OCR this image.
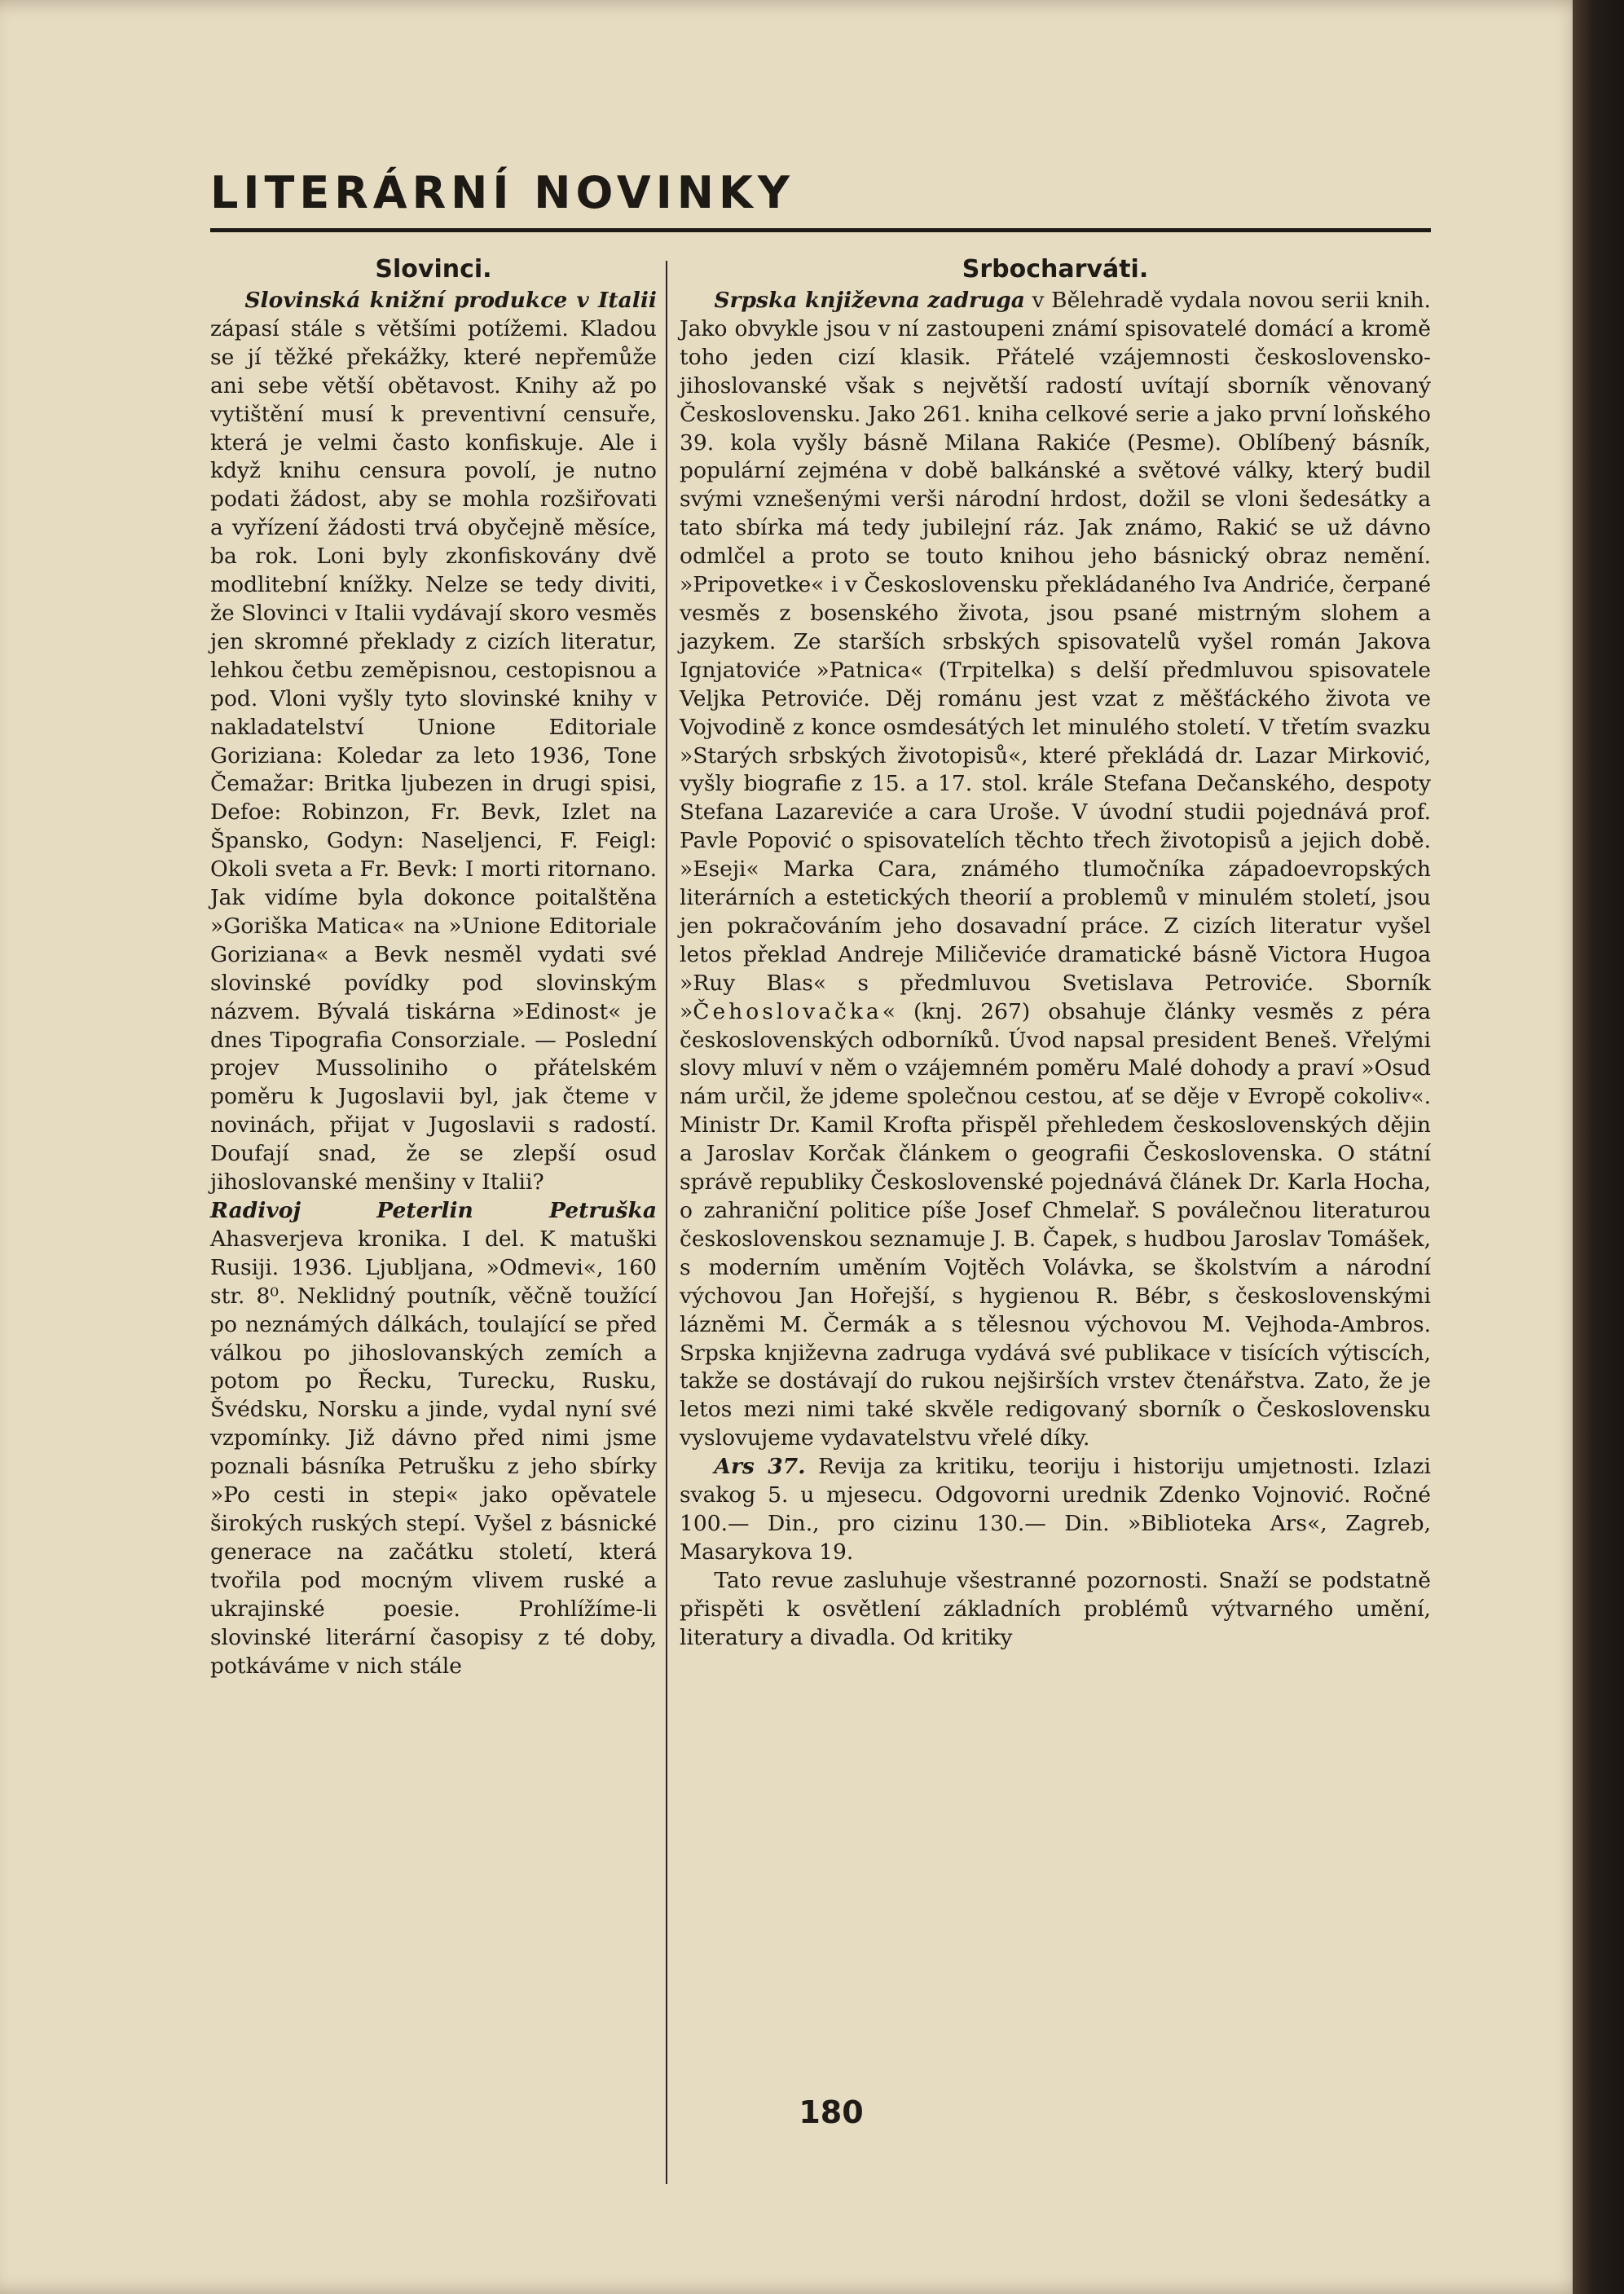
LITERÁRNÍ NOVINKY
Slovinci.

Slovinská knižní produkce v Italii zápasí stále s většími potížemi. Kladou se jí těžké překážky, které nepřemůže ani sebe větší obětavost. Knihy až po vytištění musí k preventivní censuře, která je velmi často konfiskuje. Ale i když knihu censura povolí, je nutno podati žádost, aby se mohla rozšiřovati a vyřízení žádosti trvá obyčejně měsíce, ba rok. Loni byly zkonfiskovány dvě modlitební knížky. Nelze se tedy diviti, že Slovinci v Italii vydávají skoro vesměs jen skromné překlady z cizích literatur, lehkou četbu zeměpisnou, cestopisnou a pod. Vloni vyšly tyto slovinské knihy v nakladatelství Unione Editoriale Goriziana: Koledar za leto 1936, Tone Čemažar: Britka ljubezen in drugi spisi, Defoe: Robinzon, Fr. Bevk, Izlet na Špansko, Godyn: Naseljenci, F. Feigl: Okoli sveta a Fr. Bevk: I morti ritornano. Jak vidíme byla dokonce poitalštěna »Goriška Matica« na »Unione Editoriale Goriziana« a Bevk nesměl vydati své slovinské povídky pod slovinským názvem. Bývalá tiskárna »Edinost« je dnes Tipografia Consorziale. — Poslední projev Mussoliniho o přátelském poměru k Jugoslavii byl, jak čteme v novinách, přijat v Jugoslavii s radostí. Doufají snad, že se zlepší osud jihoslovanské menšiny v Italii?

Radivoj Peterlin Petruška Ahasverjeva kronika. I del. K matuški Rusiji. 1936. Ljubljana, »Odmevi«, 160 str. 8⁰. Neklidný poutník, věčně toužící po neznámých dálkách, toulající se před válkou po jihoslovanských zemích a potom po Řecku, Turecku, Rusku, Švédsku, Norsku a jinde, vydal nyní své vzpomínky. Již dávno před nimi jsme poznali básníka Petrušku z jeho sbírky »Po cesti in stepi« jako opěvatele širokých ruských stepí. Vyšel z básnické generace na začátku století, která tvořila pod mocným vlivem ruské a ukrajinské poesie. Prohlížíme-li slovinské literární časopisy z té doby, potkáváme v nich stále

Srbocharváti.

Srpska književna zadruga v Bělehradě vydala novou serii knih. Jako obvykle jsou v ní zastoupeni známí spisovatelé domácí a kromě toho jeden cizí klasik. Přátelé vzájemnosti československo-jihoslovanské však s největší radostí uvítají sborník věnovaný Československu. Jako 261. kniha celkové serie a jako první loňského 39. kola vyšly básně Milana Rakiće (Pesme). Oblíbený básník, populární zejména v době balkánské a světové války, který budil svými vznešenými verši národní hrdost, dožil se vloni šedesátky a tato sbírka má tedy jubilejní ráz. Jak známo, Rakić se už dávno odmlčel a proto se touto knihou jeho básnický obraz nemění. »Pripovetke« i v Československu překládaného Iva Andriće, čerpané vesměs z bosenského života, jsou psané mistrným slohem a jazykem. Ze starších srbských spisovatelů vyšel román Jakova Ignjatoviće »Patnica« (Trpitelka) s delší předmluvou spisovatele Veljka Petroviće. Děj románu jest vzat z měšťáckého života ve Vojvodině z konce osmdesátých let minulého století. V třetím svazku »Starých srbských životopisů«, které překládá dr. Lazar Mirković, vyšly biografie z 15. a 17. stol. krále Stefana Dečanského, despoty Stefana Lazareviće a cara Uroše. V úvodní studii pojednává prof. Pavle Popović o spisovatelích těchto třech životopisů a jejich době. »Eseji« Marka Cara, známého tlumočníka západoevropských literárních a estetických theorií a problemů v minulém století, jsou jen pokračováním jeho dosavadní práce. Z cizích literatur vyšel letos překlad Andreje Miličeviće dramatické básně Victora Hugoa »Ruy Blas« s předmluvou Svetislava Petroviće. Sborník »Čehoslovačka« (knj. 267) obsahuje články vesměs z péra československých odborníků. Úvod napsal president Beneš. Vřelými slovy mluví v něm o vzájemném poměru Malé dohody a praví »Osud nám určil, že jdeme společnou cestou, ať se děje v Evropě cokoliv«. Ministr Dr. Kamil Krofta přispěl přehledem československých dějin a Jaroslav Korčak článkem o geografii Československa. O státní správě republiky Československé pojednává článek Dr. Karla Hocha, o zahraniční politice píše Josef Chmelař. S poválečnou literaturou československou seznamuje J. B. Čapek, s hudbou Jaroslav Tomášek, s moderním uměním Vojtěch Volávka, se školstvím a národní výchovou Jan Hořejší, s hygienou R. Bébr, s československými lázněmi M. Čermák a s tělesnou výchovou M. Vejhoda-Ambros. Srpska književna zadruga vydává své publikace v tisících výtiscích, takže se dostávají do rukou nejširších vrstev čtenářstva. Zato, že je letos mezi nimi také skvěle redigovaný sborník o Československu vyslovujeme vydavatelstvu vřelé díky.

Ars 37. Revija za kritiku, teoriju i historiju umjetnosti. Izlazi svakog 5. u mjesecu. Odgovorni urednik Zdenko Vojnović. Ročné 100.— Din., pro cizinu 130.— Din. »Biblioteka Ars«, Zagreb, Masarykova 19.

Tato revue zasluhuje všestranné pozornosti. Snaží se podstatně přispěti k osvětlení základních problémů výtvarného umění, literatury a divadla. Od kritiky

180
